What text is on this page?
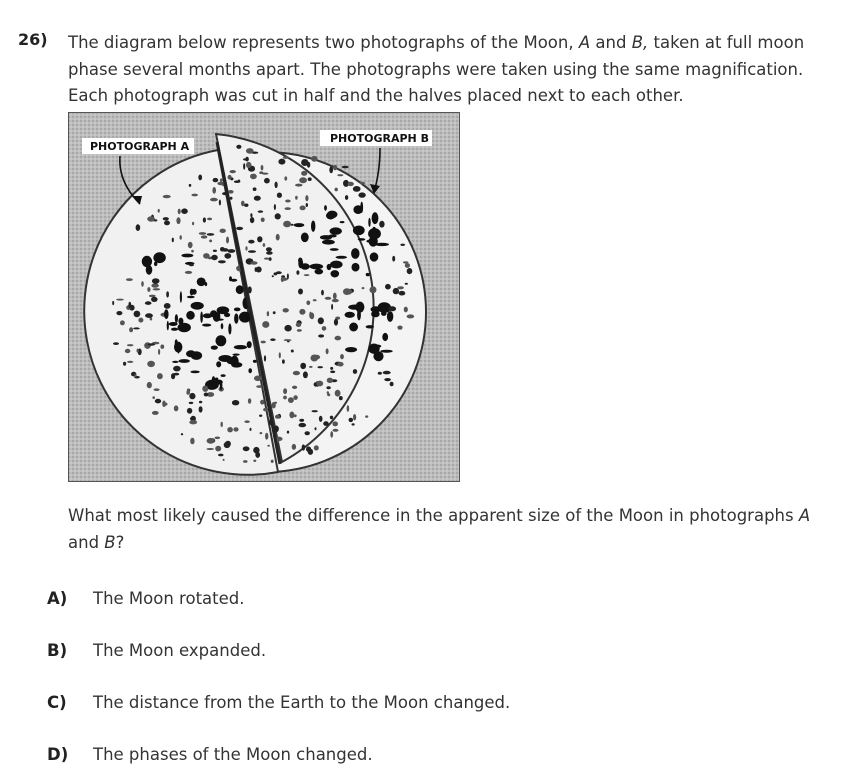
26) The diagram below represents two photographs of the Moon, A and B, taken at full moon
phase several months apart. The photographs were taken using the same magnification.
Each photograph was cut in half and the halves placed next to each other.
PHOTOGRAPH A
PHOTOGRAPH B
What most likely caused the difference in the apparent size of the Moon in photographs A
and B?
A) The Moon rotated.
B) The Moon expanded.
C) The distance from the Earth to the Moon changed.
D) The phases of the Moon changed.
